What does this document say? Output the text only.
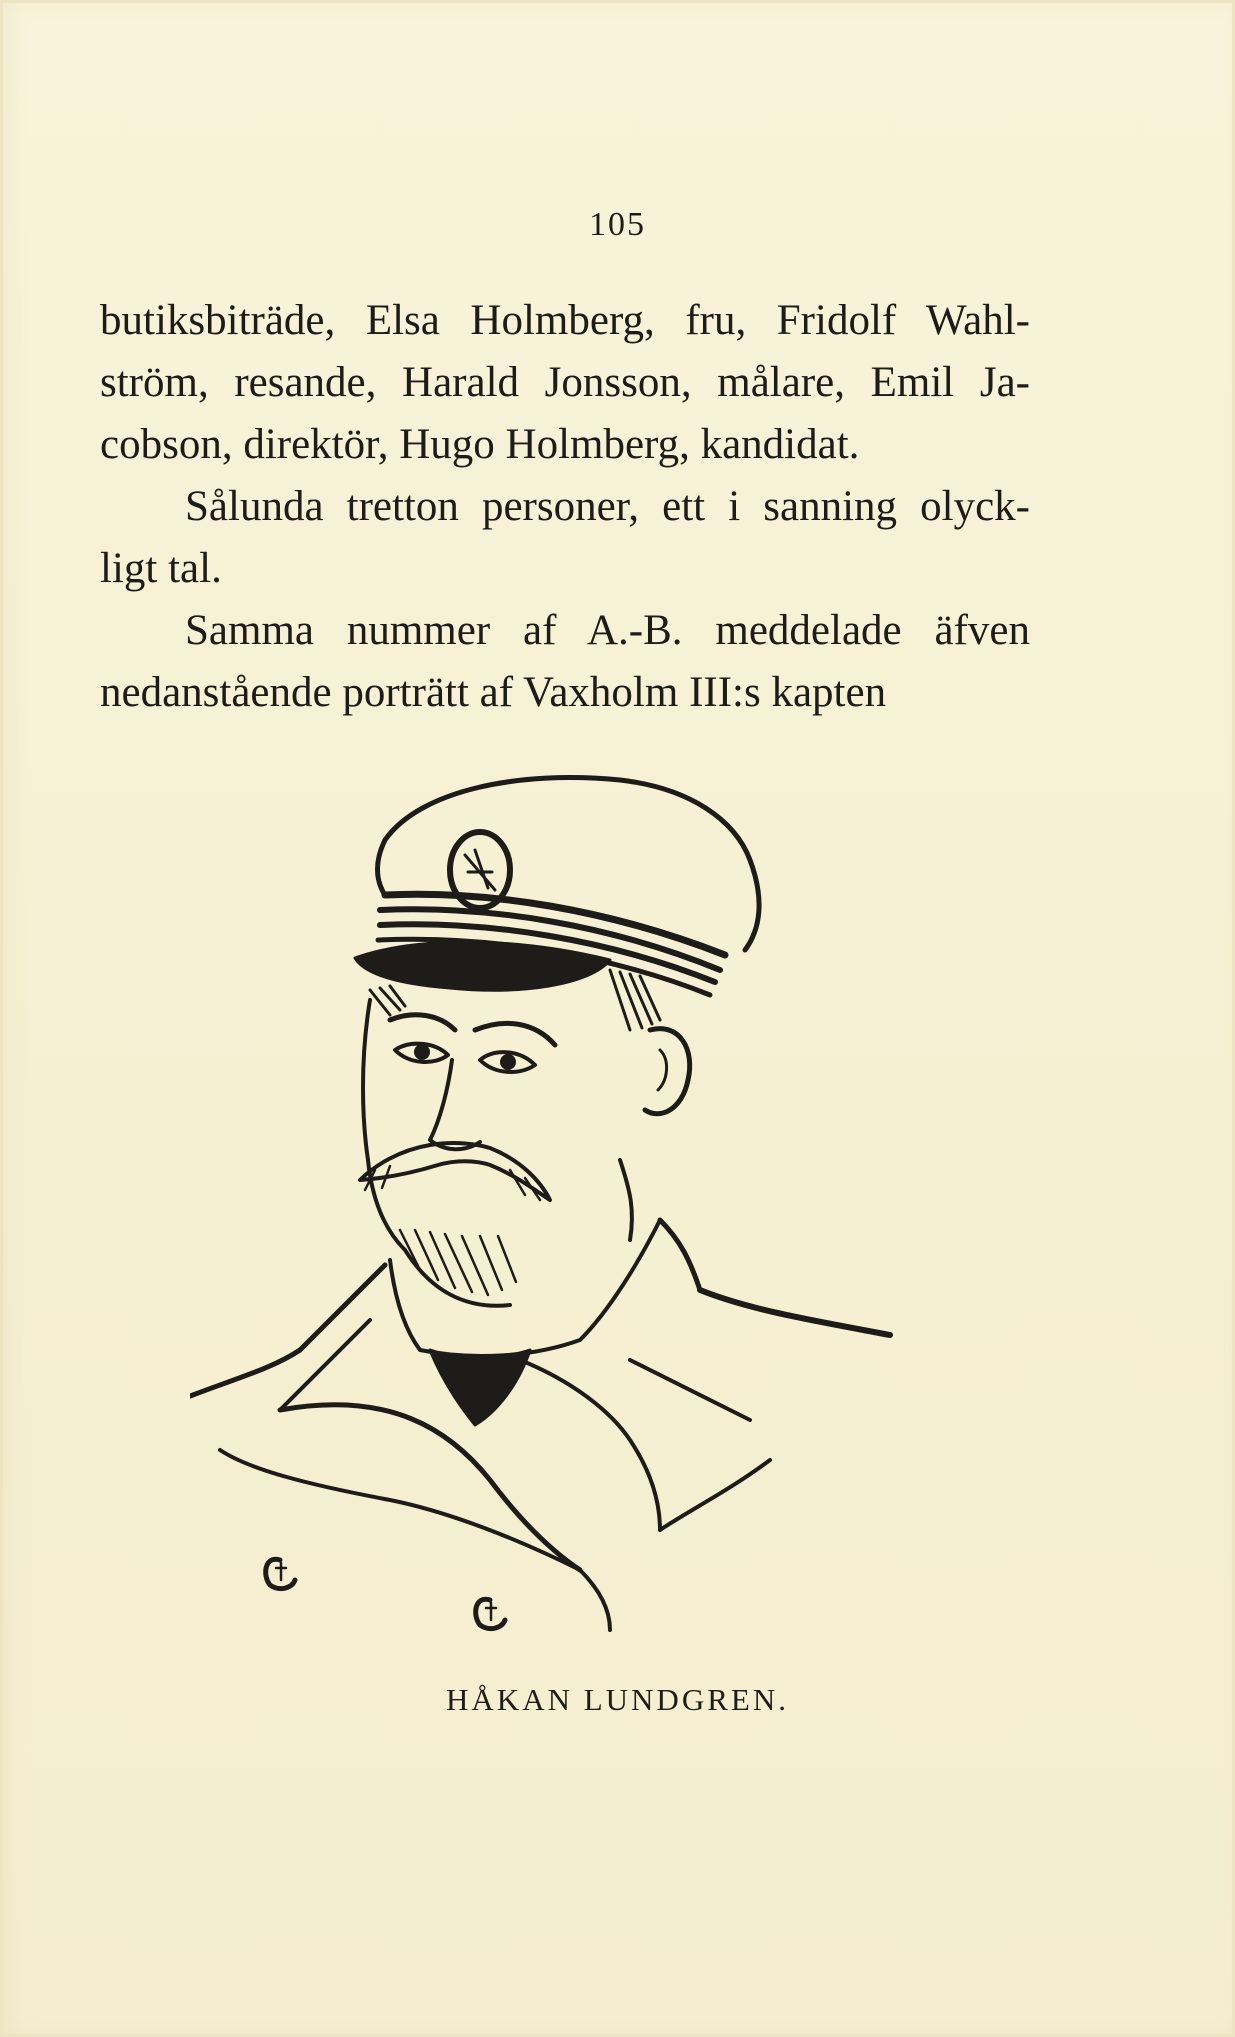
105
butiksbiträde, Elsa Holmberg, fru, Fridolf Wahl-
ström, resande, Harald Jonsson, målare, Emil Ja-
cobson, direktör, Hugo Holmberg, kandidat.
Sålunda tretton personer, ett i sanning olyck-
ligt tal.
Samma nummer af A.-B. meddelade äfven
nedanstående porträtt af Vaxholm III:s kapten
HÅKAN LUNDGREN.
